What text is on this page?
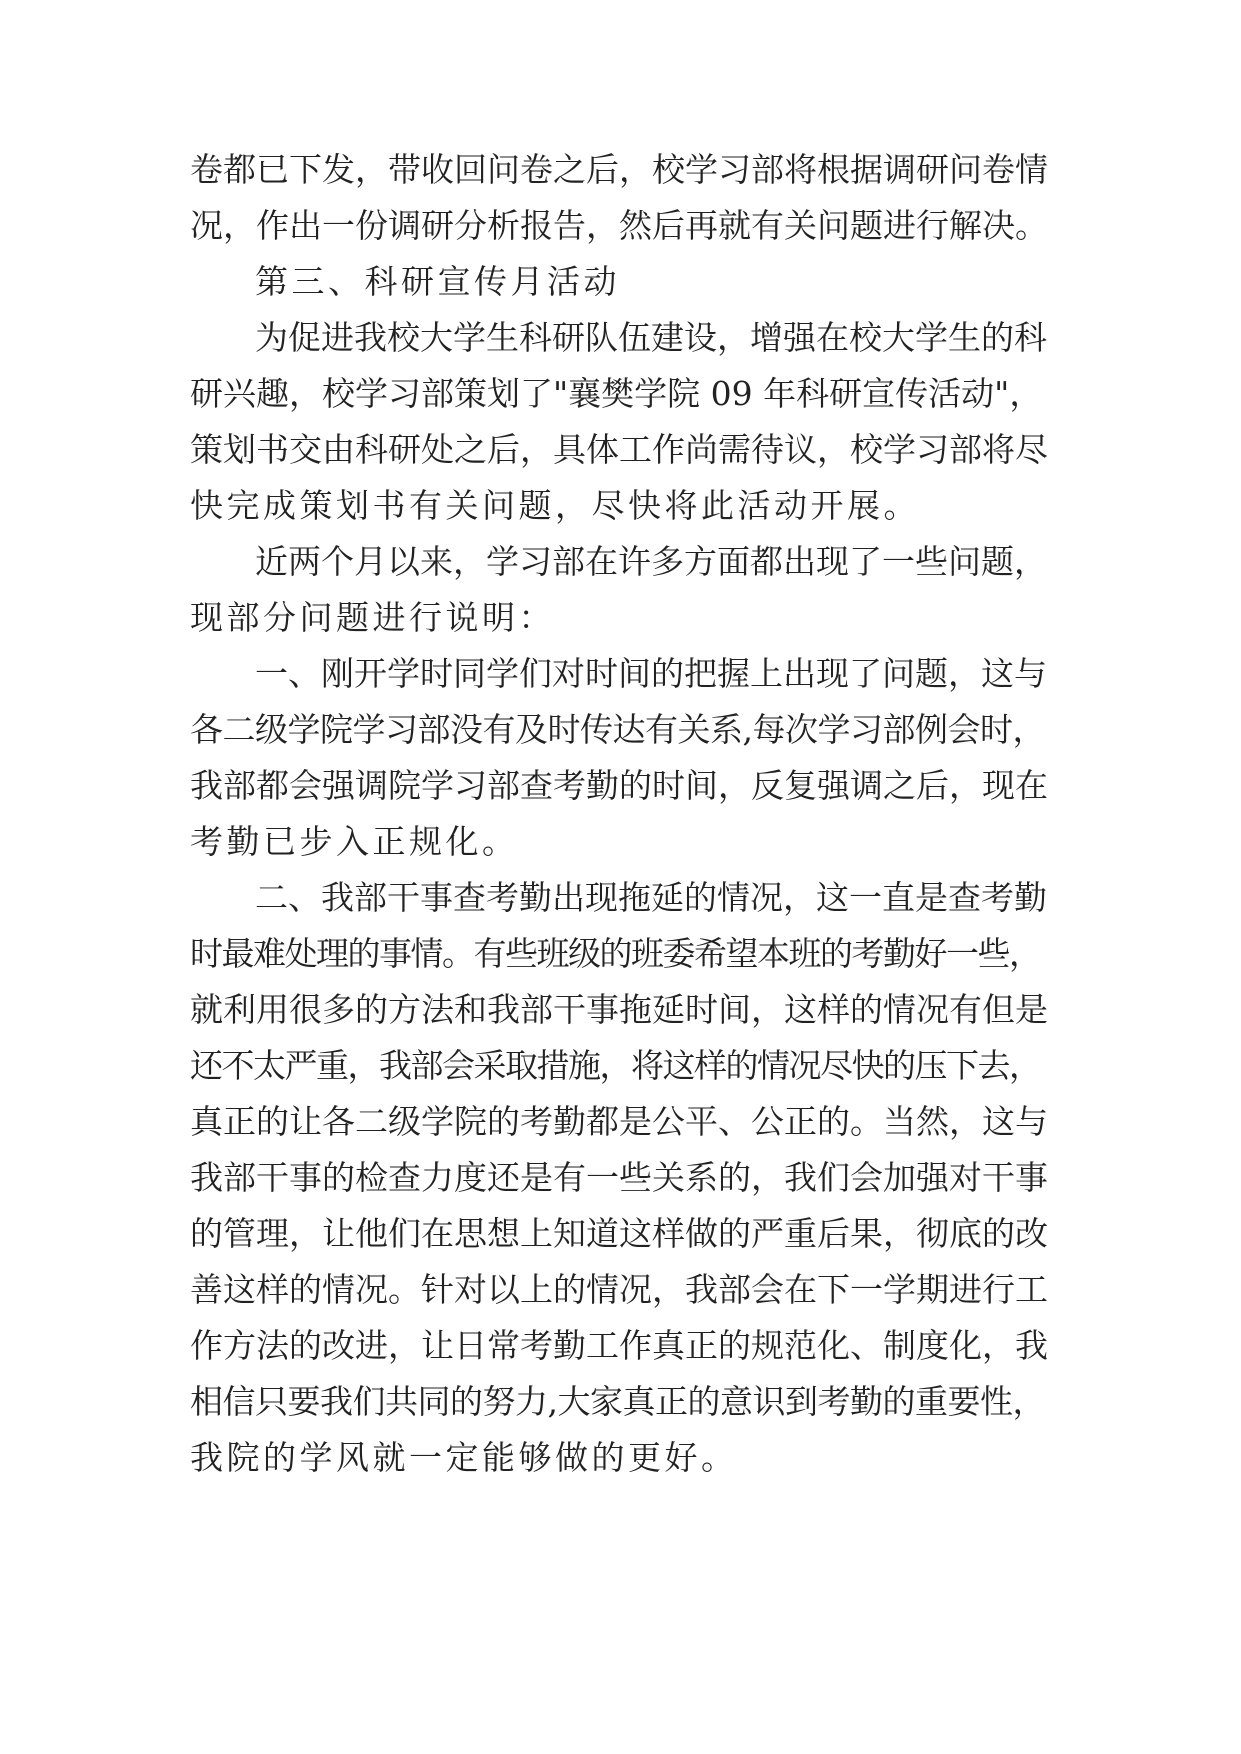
卷都已下发，带收回问卷之后，校学习部将根据调研问卷情
况，作出一份调研分析报告，然后再就有关问题进行解决。
第三、科研宣传月活动
为促进我校大学生科研队伍建设，增强在校大学生的科
研兴趣，校学习部策划了"襄樊学院 09 年科研宣传活动"，
策划书交由科研处之后，具体工作尚需待议，校学习部将尽
快完成策划书有关问题，尽快将此活动开展。
近两个月以来，学习部在许多方面都出现了一些问题，
现部分问题进行说明：
一、刚开学时同学们对时间的把握上出现了问题，这与
各二级学院学习部没有及时传达有关系,每次学习部例会时，
我部都会强调院学习部查考勤的时间，反复强调之后，现在
考勤已步入正规化。
二、我部干事查考勤出现拖延的情况，这一直是查考勤
时最难处理的事情。有些班级的班委希望本班的考勤好一些，
就利用很多的方法和我部干事拖延时间，这样的情况有但是
还不太严重，我部会采取措施，将这样的情况尽快的压下去，
真正的让各二级学院的考勤都是公平、公正的。当然，这与
我部干事的检查力度还是有一些关系的，我们会加强对干事
的管理，让他们在思想上知道这样做的严重后果，彻底的改
善这样的情况。针对以上的情况，我部会在下一学期进行工
作方法的改进，让日常考勤工作真正的规范化、制度化，我
相信只要我们共同的努力,大家真正的意识到考勤的重要性，
我院的学风就一定能够做的更好。
